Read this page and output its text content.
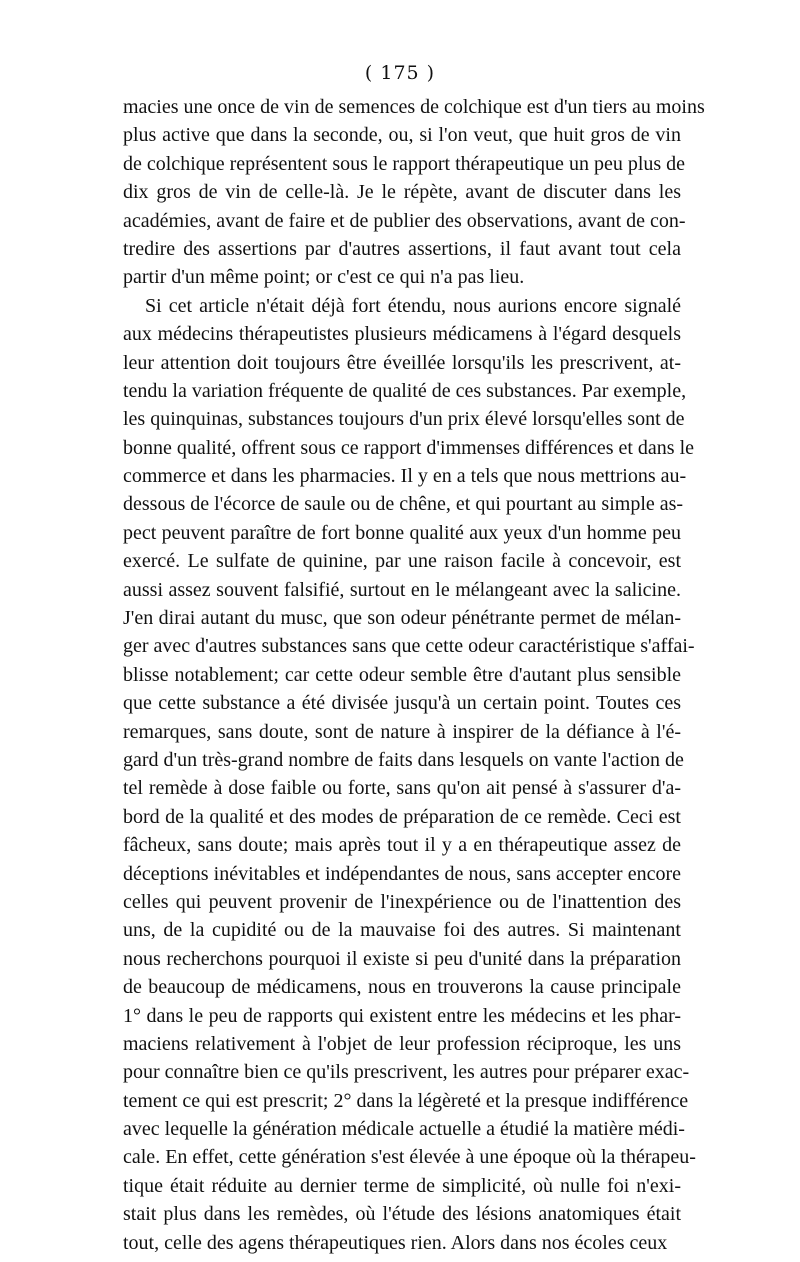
( 175 )
macies une once de vin de semences de colchique est d'un tiers au moins
plus active que dans la seconde, ou, si l'on veut, que huit gros de vin
de colchique représentent sous le rapport thérapeutique un peu plus de
dix gros de vin de celle-là. Je le répète, avant de discuter dans les
académies, avant de faire et de publier des observations, avant de con-
tredire des assertions par d'autres assertions, il faut avant tout cela
partir d'un même point; or c'est ce qui n'a pas lieu.
Si cet article n'était déjà fort étendu, nous aurions encore signalé
aux médecins thérapeutistes plusieurs médicamens à l'égard desquels
leur attention doit toujours être éveillée lorsqu'ils les prescrivent, at-
tendu la variation fréquente de qualité de ces substances. Par exemple,
les quinquinas, substances toujours d'un prix élevé lorsqu'elles sont de
bonne qualité, offrent sous ce rapport d'immenses différences et dans le
commerce et dans les pharmacies. Il y en a tels que nous mettrions au-
dessous de l'écorce de saule ou de chêne, et qui pourtant au simple as-
pect peuvent paraître de fort bonne qualité aux yeux d'un homme peu
exercé. Le sulfate de quinine, par une raison facile à concevoir, est
aussi assez souvent falsifié, surtout en le mélangeant avec la salicine.
J'en dirai autant du musc, que son odeur pénétrante permet de mélan-
ger avec d'autres substances sans que cette odeur caractéristique s'affai-
blisse notablement; car cette odeur semble être d'autant plus sensible
que cette substance a été divisée jusqu'à un certain point. Toutes ces
remarques, sans doute, sont de nature à inspirer de la défiance à l'é-
gard d'un très-grand nombre de faits dans lesquels on vante l'action de
tel remède à dose faible ou forte, sans qu'on ait pensé à s'assurer d'a-
bord de la qualité et des modes de préparation de ce remède. Ceci est
fâcheux, sans doute; mais après tout il y a en thérapeutique assez de
déceptions inévitables et indépendantes de nous, sans accepter encore
celles qui peuvent provenir de l'inexpérience ou de l'inattention des
uns, de la cupidité ou de la mauvaise foi des autres. Si maintenant
nous recherchons pourquoi il existe si peu d'unité dans la préparation
de beaucoup de médicamens, nous en trouverons la cause principale
1° dans le peu de rapports qui existent entre les médecins et les phar-
maciens relativement à l'objet de leur profession réciproque, les uns
pour connaître bien ce qu'ils prescrivent, les autres pour préparer exac-
tement ce qui est prescrit; 2° dans la légèreté et la presque indifférence
avec lequelle la génération médicale actuelle a étudié la matière médi-
cale. En effet, cette génération s'est élevée à une époque où la thérapeu-
tique était réduite au dernier terme de simplicité, où nulle foi n'exi-
stait plus dans les remèdes, où l'étude des lésions anatomiques était
tout, celle des agens thérapeutiques rien. Alors dans nos écoles ceux
